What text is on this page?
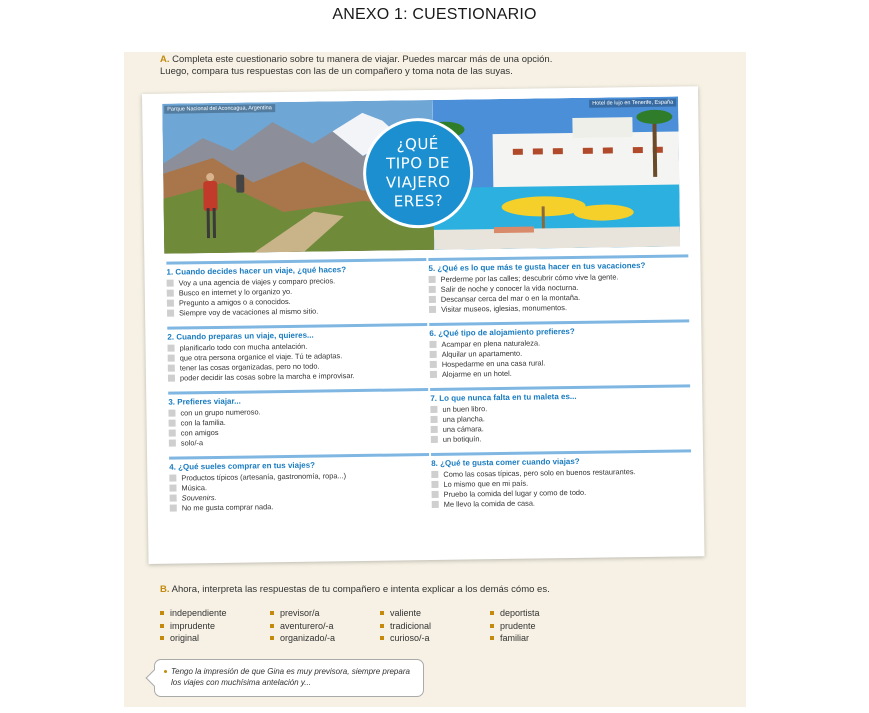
ANEXO 1: CUESTIONARIO
A. Completa este cuestionario sobre tu manera de viajar. Puedes marcar más de una opción. Luego, compara tus respuestas con las de un compañero y toma nota de las suyas.
Parque Nacional del Aconcagua, Argentina
Hotel de lujo en Tenerife, España
¿QUÉ
TIPO DE
VIAJERO
ERES?
1. Cuando decides hacer un viaje, ¿qué haces?
Voy a una agencia de viajes y comparo precios.
Busco en internet y lo organizo yo.
Pregunto a amigos o a conocidos.
Siempre voy de vacaciones al mismo sitio.
2. Cuando preparas un viaje, quieres...
planificarlo todo con mucha antelación.
que otra persona organice el viaje. Tú te adaptas.
tener las cosas organizadas, pero no todo.
poder decidir las cosas sobre la marcha e improvisar.
3. Prefieres viajar...
con un grupo numeroso.
con la familia.
con amigos
solo/-a
4. ¿Qué sueles comprar en tus viajes?
Productos típicos (artesanía, gastronomía, ropa...)
Música.
Souvenirs.
No me gusta comprar nada.
5. ¿Qué es lo que más te gusta hacer en tus vacaciones?
Perderme por las calles; descubrir cómo vive la gente.
Salir de noche y conocer la vida nocturna.
Descansar cerca del mar o en la montaña.
Visitar museos, iglesias, monumentos.
6. ¿Qué tipo de alojamiento prefieres?
Acampar en plena naturaleza.
Alquilar un apartamento.
Hospedarme en una casa rural.
Alojarme en un hotel.
7. Lo que nunca falta en tu maleta es...
un buen libro.
una plancha.
una cámara.
un botiquín.
8. ¿Qué te gusta comer cuando viajas?
Como las cosas típicas, pero solo en buenos restaurantes.
Lo mismo que en mi país.
Pruebo la comida del lugar y como de todo.
Me llevo la comida de casa.
B. Ahora, interpreta las respuestas de tu compañero e intenta explicar a los demás cómo es.
independiente
imprudente
original
previsor/a
aventurero/-a
organizado/-a
valiente
tradicional
curioso/-a
deportista
prudente
familiar
Tengo la impresión de que Gina es muy previsora, siempre prepara los viajes con muchísima antelación y...
